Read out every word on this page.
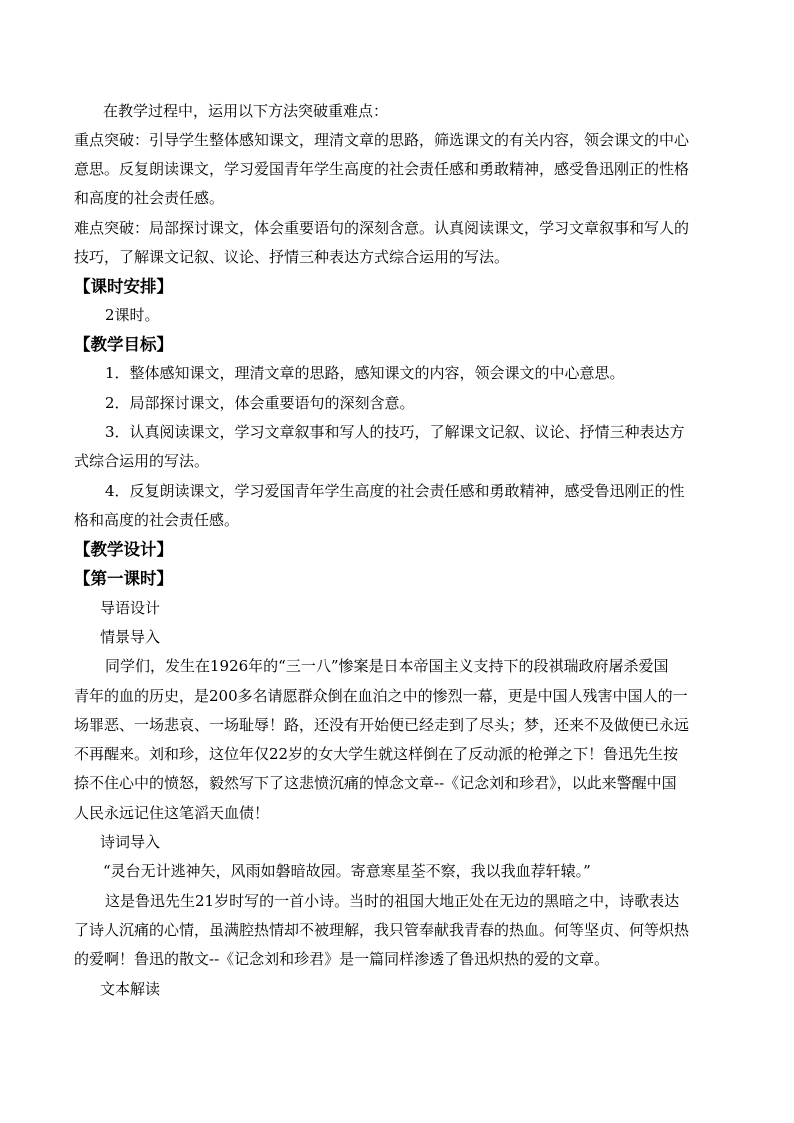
在教学过程中，运用以下方法突破重难点：
重点突破：引导学生整体感知课文，理清文章的思路，筛选课文的有关内容，领会课文的中心
意思。反复朗读课文，学习爱国青年学生高度的社会责任感和勇敢精神，感受鲁迅刚正的性格
和高度的社会责任感。
难点突破：局部探讨课文，体会重要语句的深刻含意。认真阅读课文，学习文章叙事和写人的
技巧，了解课文记叙、议论、抒情三种表达方式综合运用的写法。
【课时安排】
2课时。
【教学目标】
1．整体感知课文，理清文章的思路，感知课文的内容，领会课文的中心意思。
2．局部探讨课文，体会重要语句的深刻含意。
3．认真阅读课文，学习文章叙事和写人的技巧，了解课文记叙、议论、抒情三种表达方
式综合运用的写法。
4．反复朗读课文，学习爱国青年学生高度的社会责任感和勇敢精神，感受鲁迅刚正的性
格和高度的社会责任感。
【教学设计】
【第一课时】
导语设计
情景导入
同学们，发生在1926年的“三一八”惨案是日本帝国主义支持下的段祺瑞政府屠杀爱国
青年的血的历史，是200多名请愿群众倒在血泊之中的惨烈一幕，更是中国人残害中国人的一
场罪恶、一场悲哀、一场耻辱！路，还没有开始便已经走到了尽头；梦，还来不及做便已永远
不再醒来。刘和珍，这位年仅22岁的女大学生就这样倒在了反动派的枪弹之下！鲁迅先生按
捺不住心中的愤怒，毅然写下了这悲愤沉痛的悼念文章--《记念刘和珍君》，以此来警醒中国
人民永远记住这笔滔天血债！
诗词导入
“灵台无计逃神矢，风雨如磐暗故园。寄意寒星荃不察，我以我血荐轩辕。”
这是鲁迅先生21岁时写的一首小诗。当时的祖国大地正处在无边的黑暗之中，诗歌表达
了诗人沉痛的心情，虽满腔热情却不被理解，我只管奉献我青春的热血。何等坚贞、何等炽热
的爱啊！鲁迅的散文--《记念刘和珍君》是一篇同样渗透了鲁迅炽热的爱的文章。
文本解读
